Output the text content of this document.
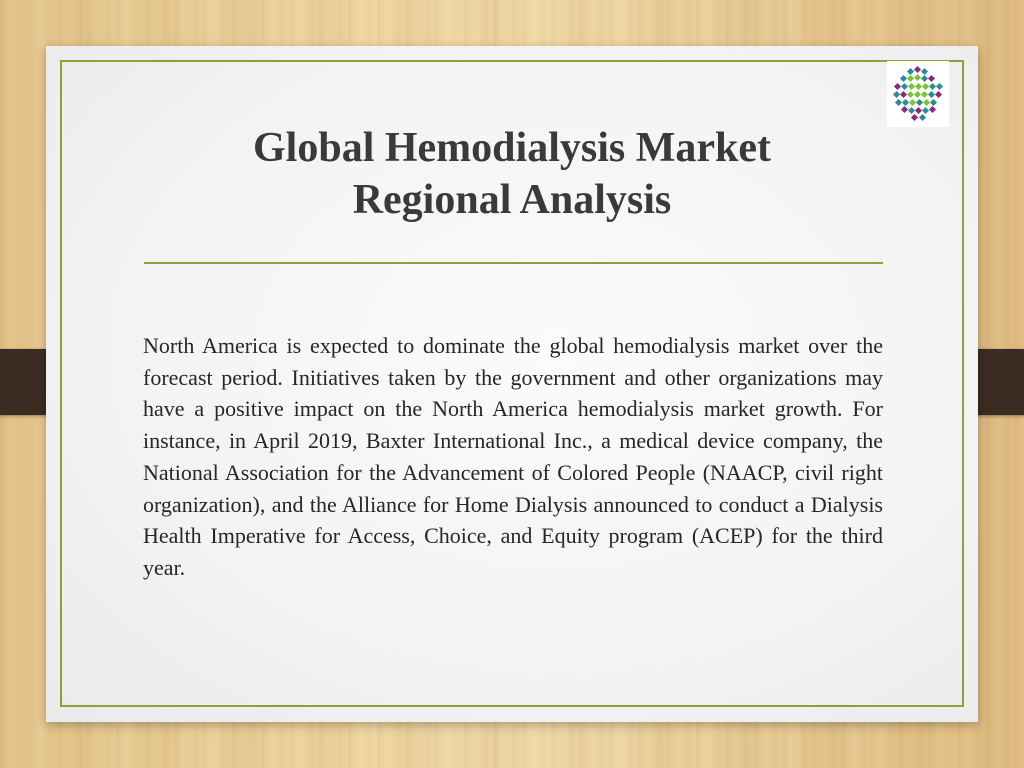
Global Hemodialysis Market
Regional Analysis

North America is expected to dominate the global hemodialysis market over the forecast period. Initiatives taken by the government and other organizations may have a positive impact on the North America hemodialysis market growth. For instance, in April 2019, Baxter International Inc., a medical device company, the National Association for the Advancement of Colored People (NAACP, civil right organization), and the Alliance for Home Dialysis announced to conduct a Dialysis Health Imperative for Access, Choice, and Equity program (ACEP) for the third year.
